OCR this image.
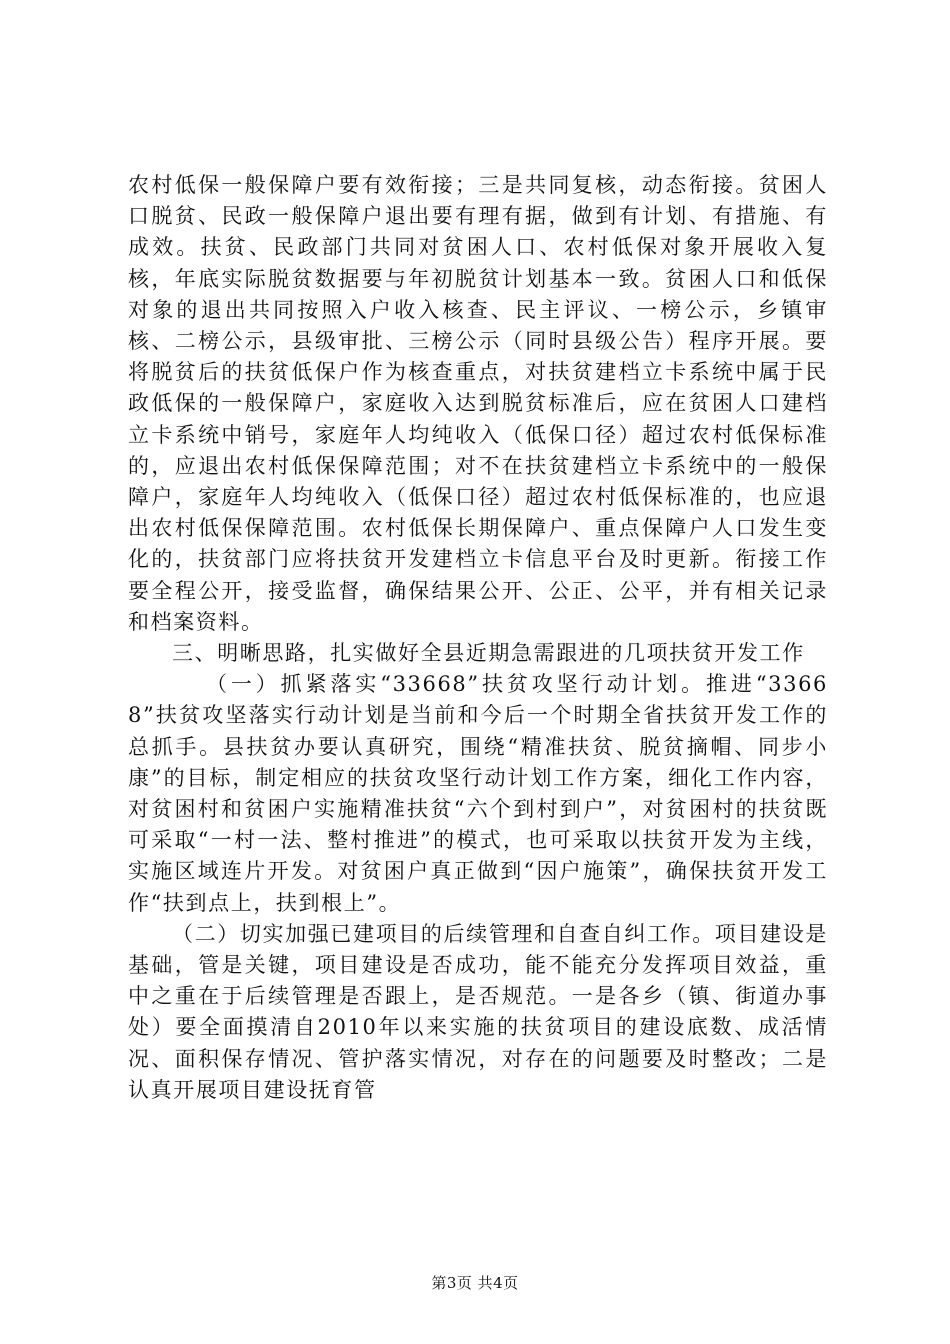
农村低保一般保障户要有效衔接；三是共同复核，动态衔接。贫困人口脱贫、民政一般保障户退出要有理有据，做到有计划、有措施、有成效。扶贫、民政部门共同对贫困人口、农村低保对象开展收入复核，年底实际脱贫数据要与年初脱贫计划基本一致。贫困人口和低保对象的退出共同按照入户收入核查、民主评议、一榜公示，乡镇审核、二榜公示，县级审批、三榜公示（同时县级公告）程序开展。要将脱贫后的扶贫低保户作为核查重点，对扶贫建档立卡系统中属于民政低保的一般保障户，家庭收入达到脱贫标准后，应在贫困人口建档立卡系统中销号，家庭年人均纯收入（低保口径）超过农村低保标准的，应退出农村低保保障范围；对不在扶贫建档立卡系统中的一般保障户，家庭年人均纯收入（低保口径）超过农村低保标准的，也应退出农村低保保障范围。农村低保长期保障户、重点保障户人口发生变化的，扶贫部门应将扶贫开发建档立卡信息平台及时更新。衔接工作要全程公开，接受监督，确保结果公开、公正、公平，并有相关记录和档案资料。

三、明晰思路，扎实做好全县近期急需跟进的几项扶贫开发工作

（一）抓紧落实“33668”扶贫攻坚行动计划。推进“33668”扶贫攻坚落实行动计划是当前和今后一个时期全省扶贫开发工作的总抓手。县扶贫办要认真研究，围绕“精准扶贫、脱贫摘帽、同步小康”的目标，制定相应的扶贫攻坚行动计划工作方案，细化工作内容，对贫困村和贫困户实施精准扶贫“六个到村到户”，对贫困村的扶贫既可采取“一村一法、整村推进”的模式，也可采取以扶贫开发为主线，实施区域连片开发。对贫困户真正做到“因户施策”，确保扶贫开发工作“扶到点上，扶到根上”。

（二）切实加强已建项目的后续管理和自查自纠工作。项目建设是基础，管是关键，项目建设是否成功，能不能充分发挥项目效益，重中之重在于后续管理是否跟上，是否规范。一是各乡（镇、街道办事处）要全面摸清自2010年以来实施的扶贫项目的建设底数、成活情况、面积保存情况、管护落实情况，对存在的问题要及时整改；二是认真开展项目建设抚育管

第3页 共4页
